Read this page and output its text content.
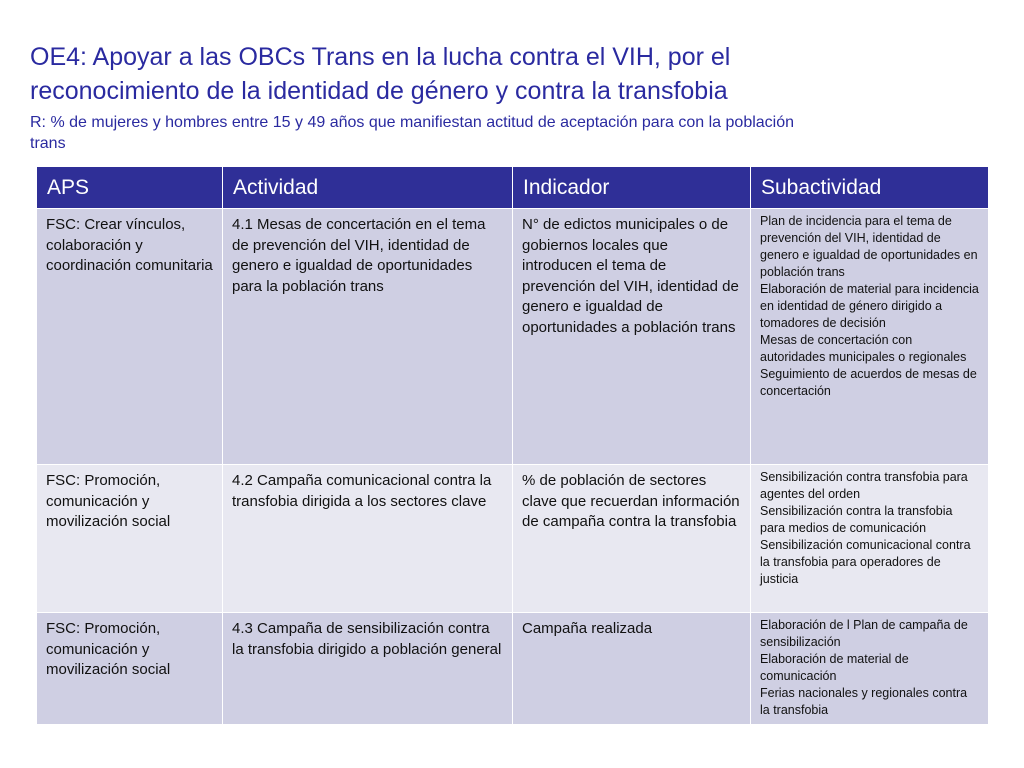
OE4: Apoyar a las OBCs Trans en la lucha contra el VIH, por el
reconocimiento de la identidad de género y contra la transfobia

R: % de mujeres y hombres entre 15 y 49 años que manifiestan actitud de aceptación para con la población
trans

APS	Actividad	Indicador	Subactividad
FSC: Crear vínculos, colaboración y coordinación comunitaria	4.1 Mesas de concertación en el tema de prevención del VIH, identidad de genero e igualdad de oportunidades para la población trans	N° de edictos municipales o de gobiernos locales que introducen el tema de prevención del VIH, identidad de genero e igualdad de oportunidades a población trans	Plan de incidencia para el tema de prevención del VIH, identidad de genero e igualdad de oportunidades en población trans
Elaboración de material para incidencia en identidad de género dirigido a tomadores de decisión
Mesas de concertación con autoridades municipales o regionales
Seguimiento de acuerdos de mesas de concertación

FSC: Promoción, comunicación y movilización social	4.2 Campaña comunicacional contra la transfobia dirigida a los sectores clave	% de población de sectores clave que recuerdan información de campaña contra la transfobia	Sensibilización contra transfobia para agentes del orden
Sensibilización contra la transfobia para medios de comunicación
Sensibilización comunicacional contra la transfobia para operadores de justicia

FSC: Promoción, comunicación y movilización social	4.3 Campaña de sensibilización contra la transfobia dirigido a población general	Campaña realizada	Elaboración de l Plan de campaña de sensibilización
Elaboración de material de comunicación
Ferias nacionales y regionales contra la transfobia
